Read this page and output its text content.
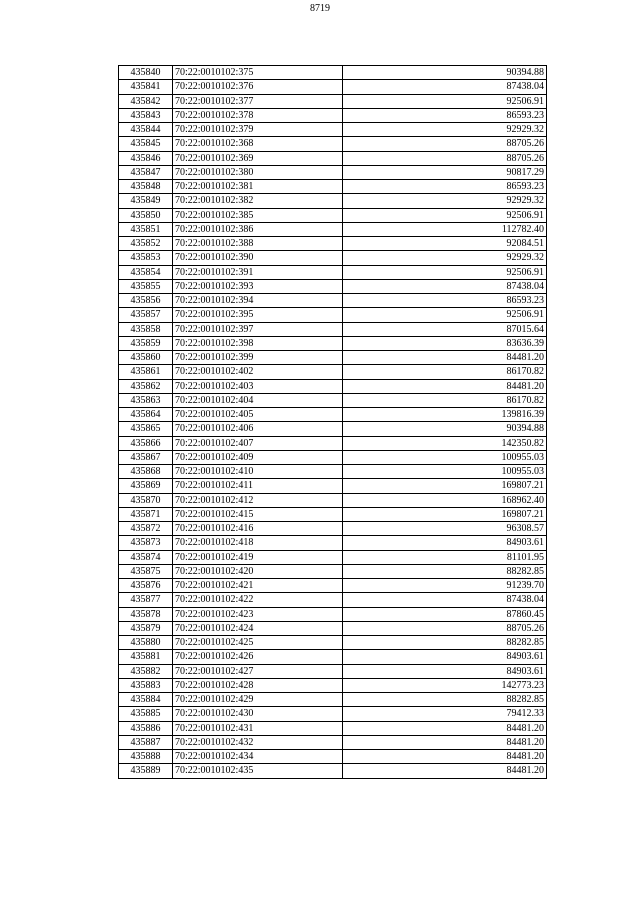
8719
435840	70:22:0010102:375	90394.88
435841	70:22:0010102:376	87438.04
435842	70:22:0010102:377	92506.91
435843	70:22:0010102:378	86593.23
435844	70:22:0010102:379	92929.32
435845	70:22:0010102:368	88705.26
435846	70:22:0010102:369	88705.26
435847	70:22:0010102:380	90817.29
435848	70:22:0010102:381	86593.23
435849	70:22:0010102:382	92929.32
435850	70:22:0010102:385	92506.91
435851	70:22:0010102:386	112782.40
435852	70:22:0010102:388	92084.51
435853	70:22:0010102:390	92929.32
435854	70:22:0010102:391	92506.91
435855	70:22:0010102:393	87438.04
435856	70:22:0010102:394	86593.23
435857	70:22:0010102:395	92506.91
435858	70:22:0010102:397	87015.64
435859	70:22:0010102:398	83636.39
435860	70:22:0010102:399	84481.20
435861	70:22:0010102:402	86170.82
435862	70:22:0010102:403	84481.20
435863	70:22:0010102:404	86170.82
435864	70:22:0010102:405	139816.39
435865	70:22:0010102:406	90394.88
435866	70:22:0010102:407	142350.82
435867	70:22:0010102:409	100955.03
435868	70:22:0010102:410	100955.03
435869	70:22:0010102:411	169807.21
435870	70:22:0010102:412	168962.40
435871	70:22:0010102:415	169807.21
435872	70:22:0010102:416	96308.57
435873	70:22:0010102:418	84903.61
435874	70:22:0010102:419	81101.95
435875	70:22:0010102:420	88282.85
435876	70:22:0010102:421	91239.70
435877	70:22:0010102:422	87438.04
435878	70:22:0010102:423	87860.45
435879	70:22:0010102:424	88705.26
435880	70:22:0010102:425	88282.85
435881	70:22:0010102:426	84903.61
435882	70:22:0010102:427	84903.61
435883	70:22:0010102:428	142773.23
435884	70:22:0010102:429	88282.85
435885	70:22:0010102:430	79412.33
435886	70:22:0010102:431	84481.20
435887	70:22:0010102:432	84481.20
435888	70:22:0010102:434	84481.20
435889	70:22:0010102:435	84481.20
